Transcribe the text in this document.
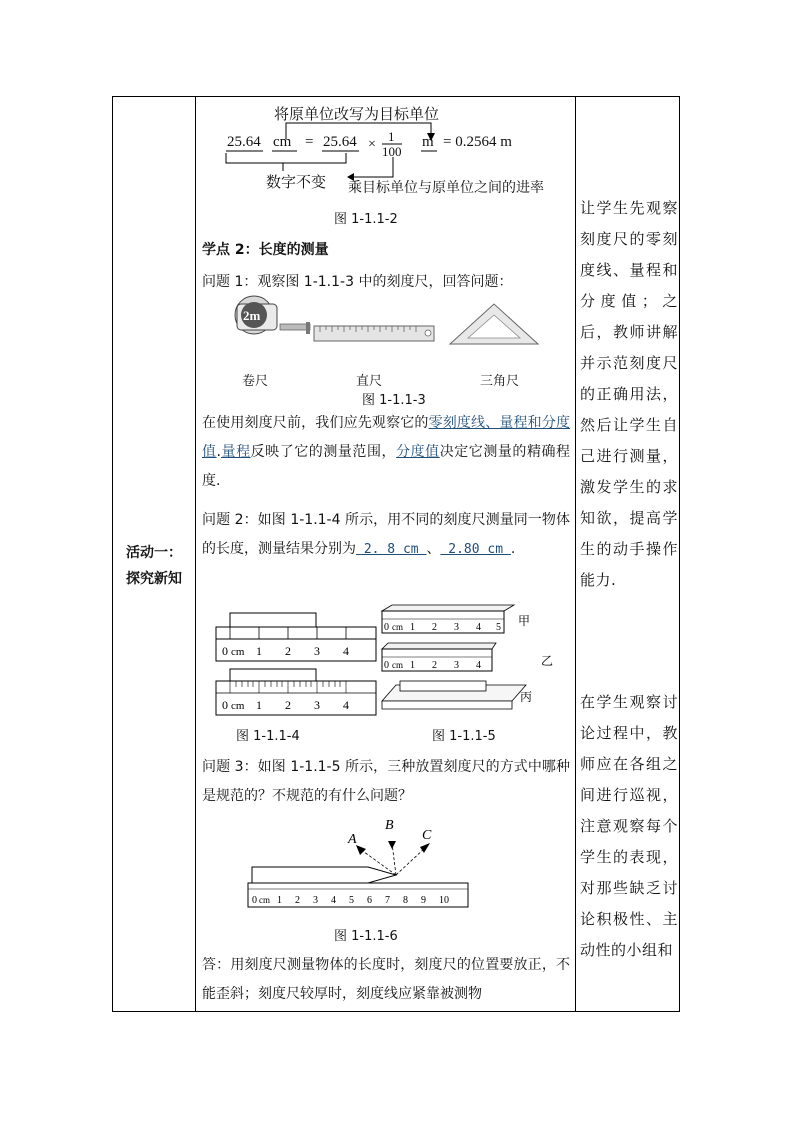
活动一：
探究新知
将原单位改写为目标单位
25.64 cm = 25.64 ×
1
100
m = 0.2564 m
数字不变 乘目标单位与原单位之间的进率
图 1-1.1-2
学点 2：长度的测量
问题 1：观察图 1-1.1-3 中的刻度尺，回答问题：
2m
卷尺	直尺	三角尺
图 1-1.1-3
在使用刻度尺前，我们应先观察它的零刻度线、量程和分度值.量程反映了它的测量范围，分度值决定它测量的精确程度.
问题 2：如图 1-1.1-4 所示，用不同的刻度尺测量同一物体的长度，测量结果分别为 2. 8 cm 、 2.80 cm .
0 cm 1 2 3 4
0 cm 1 2 3 4
0 cm 1 2 3 4 5 甲
0 cm 1 2 3 4	乙
丙
图 1-1.1-4	图 1-1.1-5
问题 3：如图 1-1.1-5 所示，三种放置刻度尺的方式中哪种是规范的？不规范的有什么问题？
A
B
C
0 cm 1 2 3 4 5 6 7 8 9 10
图 1-1.1-6
答：用刻度尺测量物体的长度时，刻度尺的位置要放正，不能歪斜；刻度尺较厚时，刻度线应紧靠被测物
让学生先观察刻度尺的零刻度线、量程和分度值；之后，教师讲解并示范刻度尺的正确用法，然后让学生自己进行测量，激发学生的求知欲，提高学生的动手操作能力.
在学生观察讨论过程中，教师应在各组之间进行巡视，注意观察每个学生的表现，对那些缺乏讨论积极性、主动性的小组和
